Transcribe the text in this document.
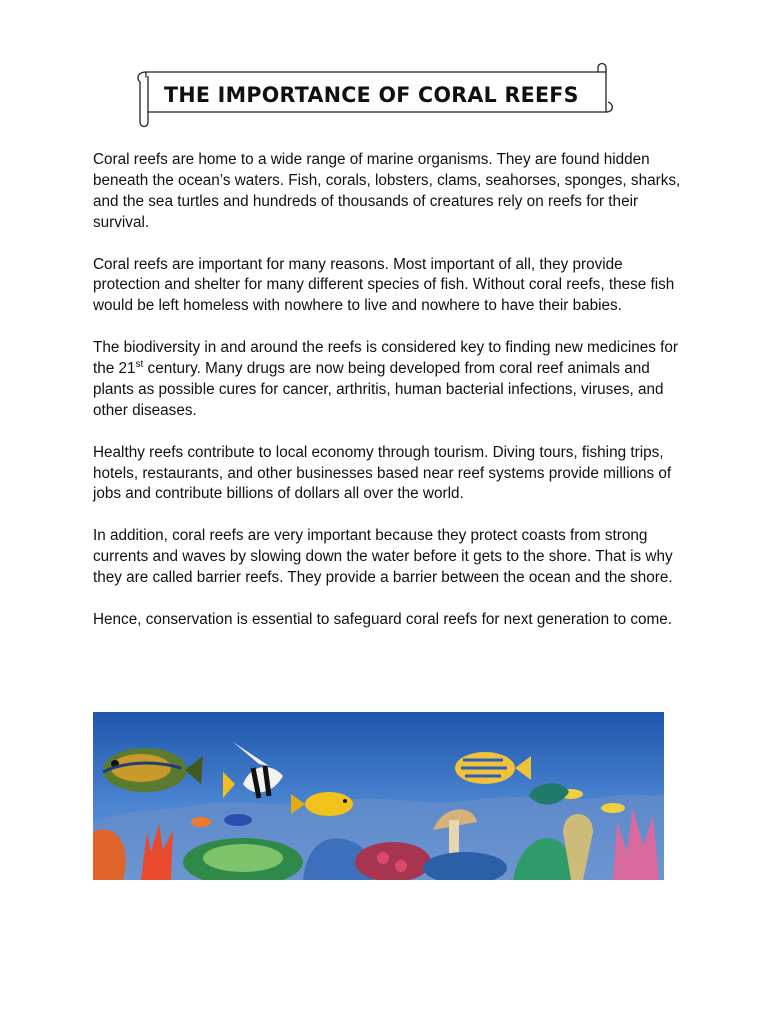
THE IMPORTANCE OF CORAL REEFS

Coral reefs are home to a wide range of marine organisms. They are found hidden beneath the ocean’s waters. Fish, corals, lobsters, clams, seahorses, sponges, sharks, and the sea turtles and hundreds of thousands of creatures rely on reefs for their survival.

Coral reefs are important for many reasons. Most important of all, they provide protection and shelter for many different species of fish. Without coral reefs, these fish would be left homeless with nowhere to live and nowhere to have their babies.

The biodiversity in and around the reefs is considered key to finding new medicines for the 21st century. Many drugs are now being developed from coral reef animals and plants as possible cures for cancer, arthritis, human bacterial infections, viruses, and other diseases.

Healthy reefs contribute to local economy through tourism. Diving tours, fishing trips, hotels, restaurants, and other businesses based near reef systems provide millions of jobs and contribute billions of dollars all over the world.

In addition, coral reefs are very important because they protect coasts from strong currents and waves by slowing down the water before it gets to the shore. That is why they are called barrier reefs. They provide a barrier between the ocean and the shore.

Hence, conservation is essential to safeguard coral reefs for next generation to come.
